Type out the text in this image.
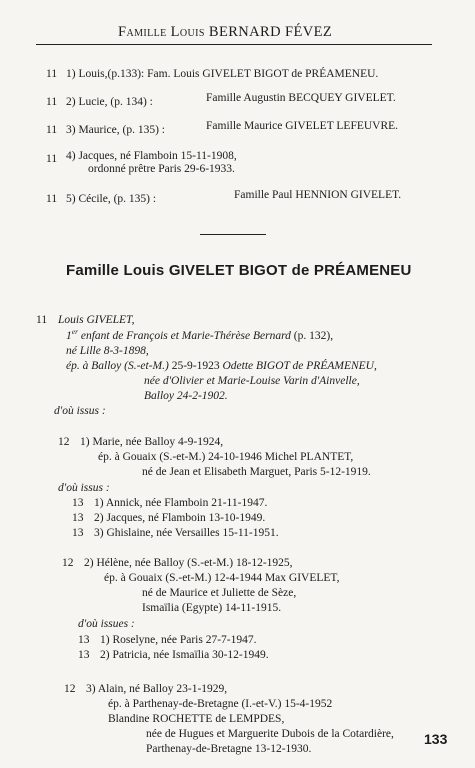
Famille Louis BERNARD FÉVEZ
11 1) Louis,(p.133): Fam. Louis GIVELET BIGOT de PRÉAMENEU.
11 2) Lucie, (p. 134) :	Famille Augustin BECQUEY GIVELET.
11 3) Maurice, (p. 135) :	Famille Maurice GIVELET LEFEUVRE.
11 4) Jacques, né Flamboin 15-11-1908,
ordonné prêtre Paris 29-6-1933.
11 5) Cécile, (p. 135) :	Famille Paul HENNION GIVELET.
Famille Louis GIVELET BIGOT de PRÉAMENEU
11 Louis GIVELET,
1er enfant de François et Marie-Thérèse Bernard (p. 132),
né Lille 8-3-1898,
ép. à Balloy (S.-et-M.) 25-9-1923 Odette BIGOT de PRÉAMENEU,
née d'Olivier et Marie-Louise Varin d'Ainvelle,
Balloy 24-2-1902.
d'où issus :
12 1) Marie, née Balloy 4-9-1924,
ép. à Gouaix (S.-et-M.) 24-10-1946 Michel PLANTET,
né de Jean et Elisabeth Marguet, Paris 5-12-1919.
d'où issus :
13 1) Annick, née Flamboin 21-11-1947.
13 2) Jacques, né Flamboin 13-10-1949.
13 3) Ghislaine, née Versailles 15-11-1951.
12 2) Hélène, née Balloy (S.-et-M.) 18-12-1925,
ép. à Gouaix (S.-et-M.) 12-4-1944 Max GIVELET,
né de Maurice et Juliette de Sèze,
Ismaïlia (Egypte) 14-11-1915.
d'où issues :
13 1) Roselyne, née Paris 27-7-1947.
13 2) Patricia, née Ismaïlia 30-12-1949.
12 3) Alain, né Balloy 23-1-1929,
ép. à Parthenay-de-Bretagne (I.-et-V.) 15-4-1952
Blandine ROCHETTE de LEMPDES,
née de Hugues et Marguerite Dubois de la Cotardière,
Parthenay-de-Bretagne 13-12-1930.
133
